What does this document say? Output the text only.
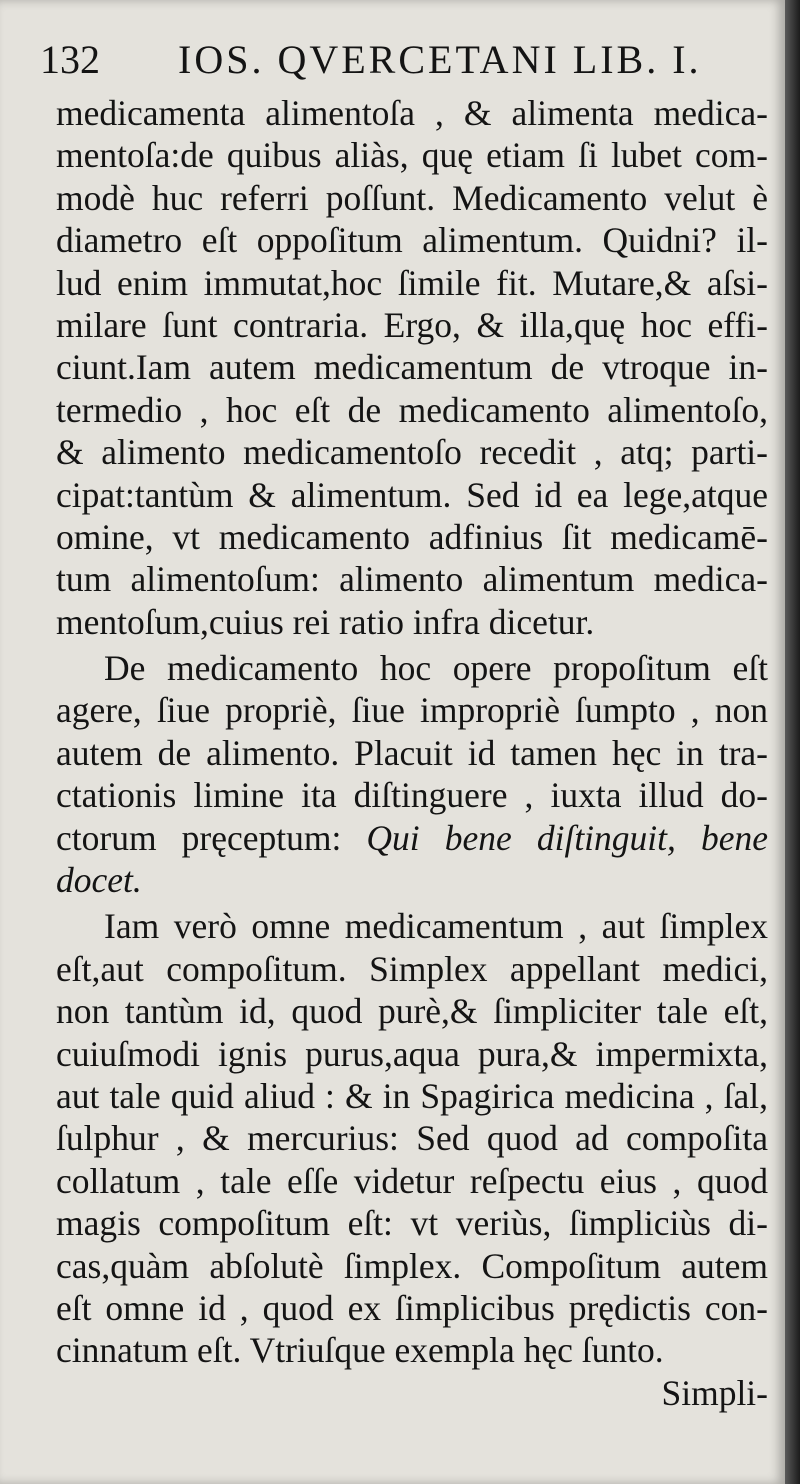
132 IOS. QVERCETANI LIB. I.
medicamenta alimentoſa , & alimenta medica-
mentoſa:de quibus aliàs, quę etiam ſi lubet com-
modè huc referri poſſunt. Medicamento velut è
diametro eſt oppoſitum alimentum. Quidni? il-
lud enim immutat,hoc ſimile fit. Mutare,& aſsi-
milare ſunt contraria. Ergo, & illa,quę hoc effi-
ciunt.Iam autem medicamentum de vtroque in-
termedio , hoc eſt de medicamento alimentoſo,
& alimento medicamentoſo recedit , atq; parti-
cipat:tantùm & alimentum. Sed id ea lege,atque
omine, vt medicamento adfinius ſit medicamē-
tum alimentoſum: alimento alimentum medica-
mentoſum,cuius rei ratio infra dicetur.
De medicamento hoc opere propoſitum eſt
agere, ſiue propriè, ſiue impropriè ſumpto , non
autem de alimento. Placuit id tamen hęc in tra-
ctationis limine ita diſtinguere , iuxta illud do-
ctorum pręceptum: Qui bene diſtinguit, bene
docet.
Iam verò omne medicamentum , aut ſimplex
eſt,aut compoſitum. Simplex appellant medici,
non tantùm id, quod purè,& ſimpliciter tale eſt,
cuiuſmodi ignis purus,aqua pura,& impermixta,
aut tale quid aliud : & in Spagirica medicina , ſal,
ſulphur , & mercurius: Sed quod ad compoſita
collatum , tale eſſe videtur reſpectu eius , quod
magis compoſitum eſt: vt veriùs, ſimpliciùs di-
cas,quàm abſolutè ſimplex. Compoſitum autem
eſt omne id , quod ex ſimplicibus prędictis con-
cinnatum eſt. Vtriuſque exempla hęc ſunto.
Simpli-
